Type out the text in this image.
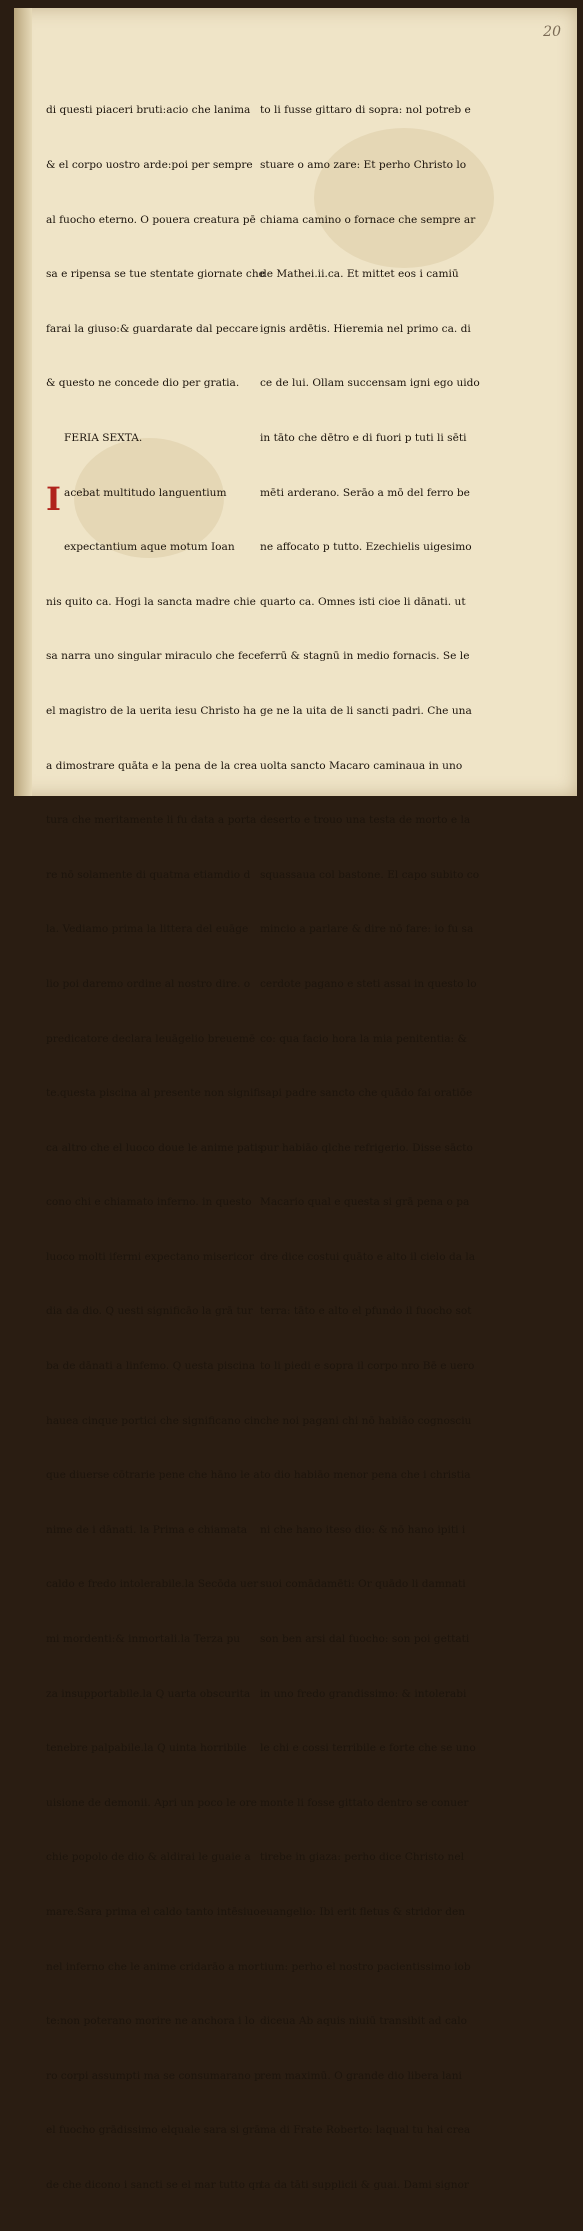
20

di questi piaceri bruti:acio che lanima

& el corpo uostro arde:poi per sempre

al fuocho eterno. O pouera creatura pē

sa e ripensa se tue stentate giornate che

farai la giuso:& guardarate dal peccare

& questo ne concede dio per gratia.

FERIA SEXTA.

I acebat multitudo languentium

expectantium aque motum Ioan

nis quito ca. Hogi la sancta madre chie

sa narra uno singular miraculo che fece

el magistro de la uerita iesu Christo ha

a dimostrare quāta e la pena de la crea

tura che meritamente li fu data a porta

re nō solamente di quatma etiamdio d

la. Vediamo prima la littera del euāge

lio poi daremo ordine al nostro dire. o

predicatore declara leuāgelio breuemē

te.questa piscina al presente non signifi

ca altro che el luoco doue le anime patis

cono chi e chiamato inferno. in questo

luoco molti ifermi expectano misericor

dia da dio. Q uesti significāo la grā tur

ba de dānati a linfemo. Q uesta piscina

hauea cinque portici che significano cin

que diuerse cōtrarie pene che hāno le a

nime de i dānati. la Prima e chiamata

caldo e fredo intolerabile.la Secōda uer

mi mordenti:& inmortali.la Terza pu

za insupportabile.la Q uarta obscurita

tenebre palpabile.la Q uinta horribile

uisione de demonii. Apri un poco le ore

chie popolo de dio & aldirai le guaie a

mare.Sara prima el caldo tanto intēsiuo

nel inferno che le anime cridarāo a mor

te:non poterano morire ne anchora i lo

ro corpi assumpti ma se consumarano p

el fuocho grādissimo elquale sara si grā

de che dicono i sancti se el mar tutto qn

to li fusse gittaro di sopra: nol potreb e

stuare o amo zare: Et perho Christo lo

chiama camino o fornace che sempre ar

de Mathei.ii.ca. Et mittet eos i camiū

ignis ardētis. Hieremia nel primo ca. di

ce de lui. Ollam succensam igni ego uido

in tāto che dētro e di fuori p tuti li sēti

mēti arderano. Serāo a mō del ferro be

ne affocato p tutto. Ezechielis uigesimo

quarto ca. Omnes isti cioe li dānati. ut

ferrū & stagnū in medio fornacis. Se le

ge ne la uita de li sancti padri. Che una

uolta sancto Macaro caminaua in uno

deserto e trouo una testa de morto e la

squassaua col bastone. El capo subito co

mincio a parlare & dire nō fare: io fu sa

cerdote pagano e steti assai in questo lo

co: qua facio hora la mia penitentia: &

sapi padre sancto che quādo fai oratiōe

pur habiāo qlche refrigerio. Disse sācto

Macario qual e questa si grā pena o pa

dre dice costui quāto e alto il cielo da la

terra: tāto e alto el pfundo il fuocho sot

to li piedi e sopra il corpo nro Bē e uero

che noi pagani chi nō habiāo cognosciu

to dio habiāo menor pena che i christia

ni che hano iteso dio: & nō hano ipiti i

suoi comādamēti: Or quādo li damnati

son ben arsi dal fuocho: son poi gettati

in uno fredo grandissimo: & intolerabi

le chi e cossi terribile e forte che se uno

monte li fosse gittato dentro se conuer

tirebe in giaza: perho dice Christo nel

euangelio: Ibi erit fletus & stridor den

tium: perho el nostro pacientissimo iob

diceua Ab aquis niuiū transibit ad calo

rem maximū. O grande dio libera lani

ma di Frate Roberto: laqual tu hai crea

ta da tāti supplicii & guai. Dami signor
